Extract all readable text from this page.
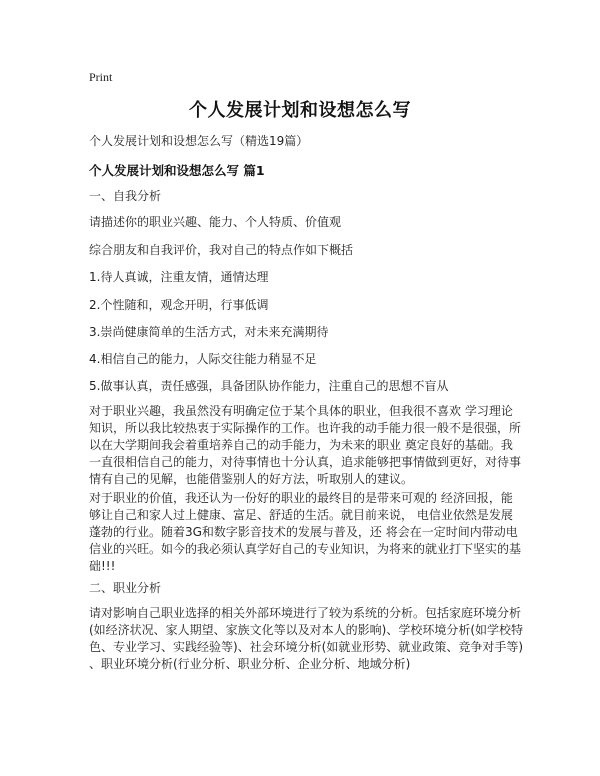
Print
个人发展计划和设想怎么写
个人发展计划和设想怎么写（精选19篇）
个人发展计划和设想怎么写 篇1
一、自我分析
请描述你的职业兴趣、能力、个人特质、价值观
综合朋友和自我评价，我对自己的特点作如下概括
1.待人真诚，注重友情，通情达理
2.个性随和，观念开明，行事低调
3.崇尚健康简单的生活方式，对未来充满期待
4.相信自己的能力，人际交往能力稍显不足
5.做事认真，责任感强，具备团队协作能力，注重自己的思想不盲从
对于职业兴趣，我虽然没有明确定位于某个具体的职业，但我很不喜欢 学习理论
知识，所以我比较热衷于实际操作的工作。也许我的动手能力很一般不是很强，所
以在大学期间我会着重培养自己的动手能力，为未来的职业 奠定良好的基础。我
一直很相信自己的能力，对待事情也十分认真，追求能够把事情做到更好，对待事
情有自己的见解，也能借鉴别人的好方法，听取别人的建议。
对于职业的价值，我还认为一份好的职业的最终目的是带来可观的 经济回报，能
够让自己和家人过上健康、富足、舒适的生活。就目前来说， 电信业依然是发展
蓬勃的行业。随着3G和数字影音技术的发展与普及，还 将会在一定时间内带动电
信业的兴旺。如今的我必须认真学好自己的专业知识，为将来的就业打下坚实的基
础!!!
二、职业分析
请对影响自己职业选择的相关外部环境进行了较为系统的分析。包括家庭环境分析
(如经济状况、家人期望、家族文化等以及对本人的影响)、学校环境分析(如学校特
色、专业学习、实践经验等)、社会环境分析(如就业形势、就业政策、竞争对手等)
、职业环境分析(行业分析、职业分析、企业分析、地域分析)
